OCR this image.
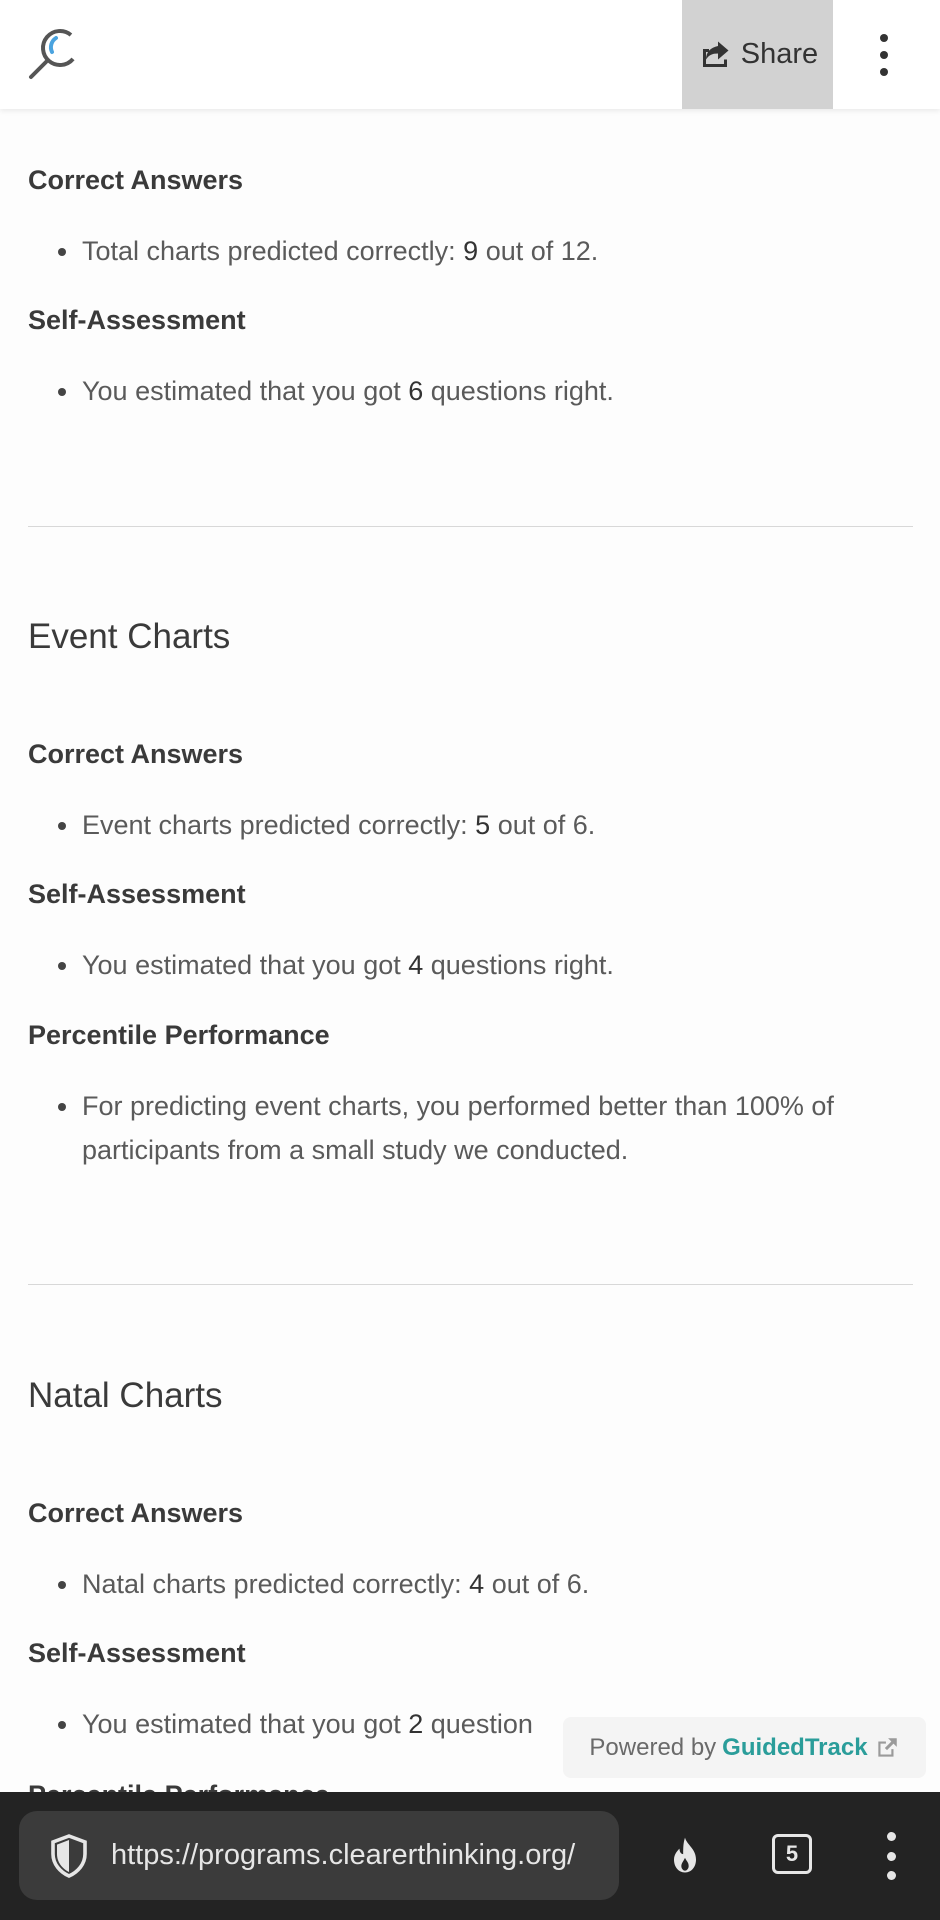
Share
Correct Answers
Total charts predicted correctly: 9 out of 12.
Self-Assessment
You estimated that you got 6 questions right.
Event Charts
Correct Answers
Event charts predicted correctly: 5 out of 6.
Self-Assessment
You estimated that you got 4 questions right.
Percentile Performance
For predicting event charts, you performed better than 100% of participants from a small study we conducted.
Natal Charts
Correct Answers
Natal charts predicted correctly: 4 out of 6.
Self-Assessment
You estimated that you got 2 question
Powered by GuidedTrack
https://programs.clearerthinking.org/	5
